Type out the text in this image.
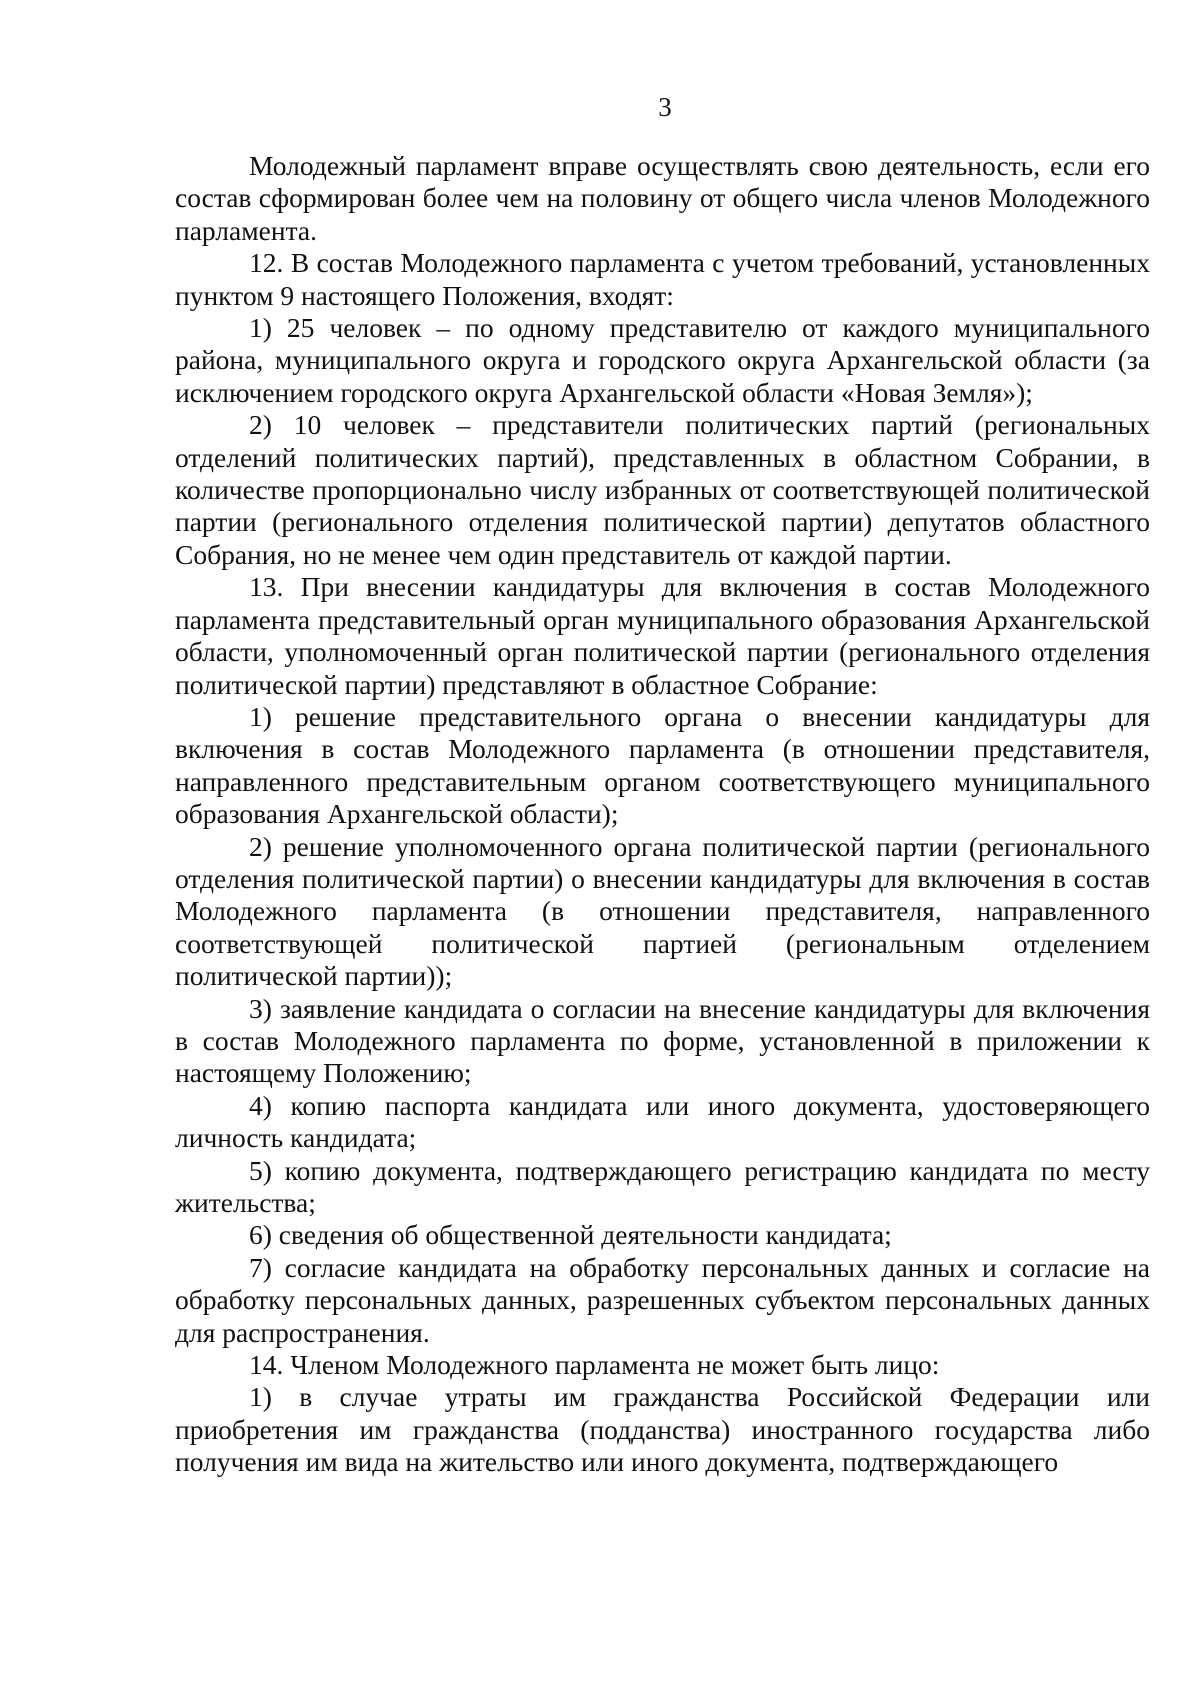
3

Молодежный парламент вправе осуществлять свою деятельность, если его состав сформирован более чем на половину от общего числа членов Молодежного парламента.

12. В состав Молодежного парламента с учетом требований, установленных пунктом 9 настоящего Положения, входят:

1) 25 человек – по одному представителю от каждого муниципального района, муниципального округа и городского округа Архангельской области (за исключением городского округа Архангельской области «Новая Земля»);

2) 10 человек – представители политических партий (региональных отделений политических партий), представленных в областном Собрании, в количестве пропорционально числу избранных от соответствующей политической партии (регионального отделения политической партии) депутатов областного Собрания, но не менее чем один представитель от каждой партии.

13. При внесении кандидатуры для включения в состав Молодежного парламента представительный орган муниципального образования Архангельской области, уполномоченный орган политической партии (регионального отделения политической партии) представляют в областное Собрание:

1) решение представительного органа о внесении кандидатуры для включения в состав Молодежного парламента (в отношении представителя, направленного представительным органом соответствующего муниципального образования Архангельской области);

2) решение уполномоченного органа политической партии (регионального отделения политической партии) о внесении кандидатуры для включения в состав Молодежного парламента (в отношении представителя, направленного соответствующей политической партией (региональным отделением политической партии));

3) заявление кандидата о согласии на внесение кандидатуры для включения в состав Молодежного парламента по форме, установленной в приложении к настоящему Положению;

4) копию паспорта кандидата или иного документа, удостоверяющего личность кандидата;

5) копию документа, подтверждающего регистрацию кандидата по месту жительства;

6) сведения об общественной деятельности кандидата;

7) согласие кандидата на обработку персональных данных и согласие на обработку персональных данных, разрешенных субъектом персональных данных для распространения.

14. Членом Молодежного парламента не может быть лицо:

1) в случае утраты им гражданства Российской Федерации или приобретения им гражданства (подданства) иностранного государства либо получения им вида на жительство или иного документа, подтверждающего
